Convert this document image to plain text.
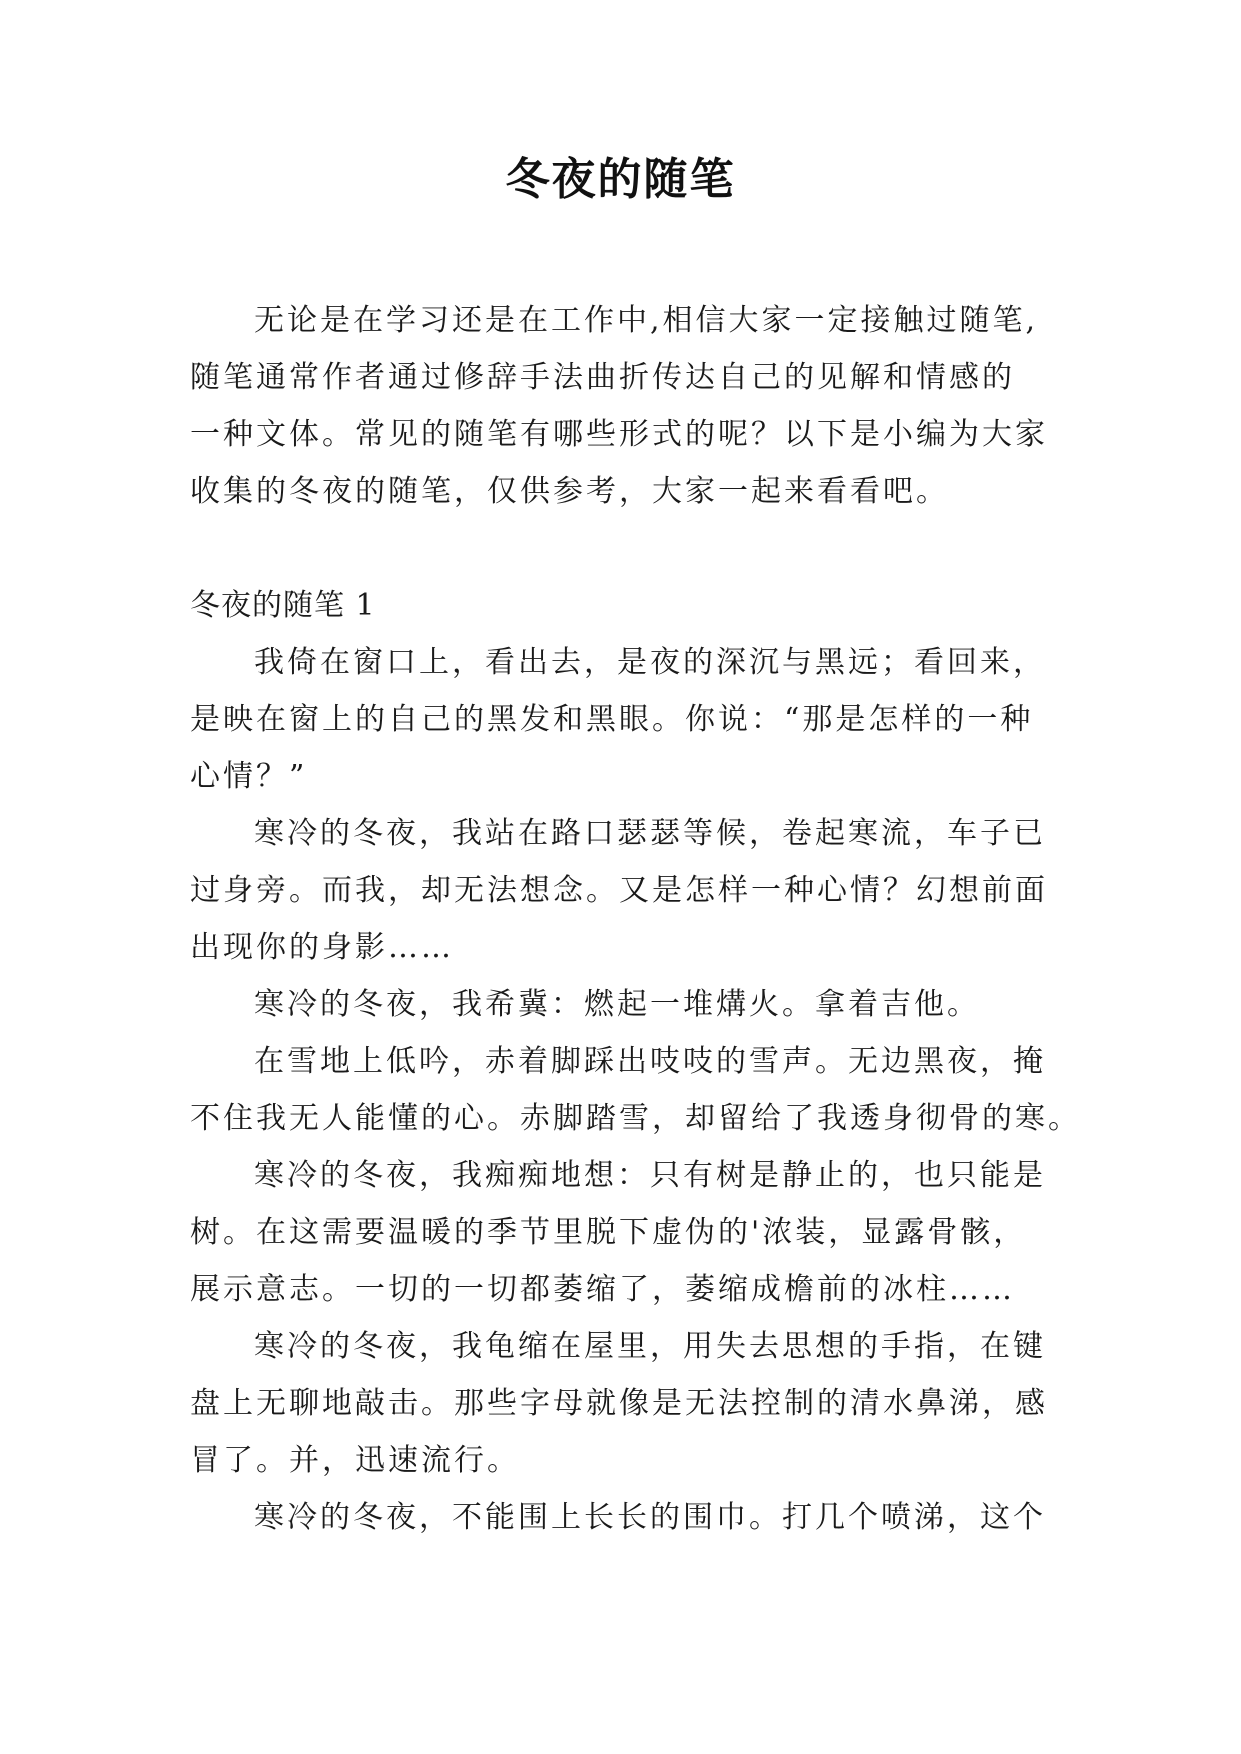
冬夜的随笔
无论是在学习还是在工作中,相信大家一定接触过随笔,
随笔通常作者通过修辞手法曲折传达自己的见解和情感的
一种文体。常见的随笔有哪些形式的呢？以下是小编为大家
收集的冬夜的随笔，仅供参考，大家一起来看看吧。
冬夜的随笔 1
我倚在窗口上，看出去，是夜的深沉与黑远；看回来，
是映在窗上的自己的黑发和黑眼。你说：“那是怎样的一种
心情？”
寒冷的冬夜，我站在路口瑟瑟等候，卷起寒流，车子已
过身旁。而我，却无法想念。又是怎样一种心情？幻想前面
出现你的身影……
寒冷的冬夜，我希冀：燃起一堆煹火。拿着吉他。
在雪地上低吟，赤着脚踩出吱吱的雪声。无边黑夜，掩
不住我无人能懂的心。赤脚踏雪，却留给了我透身彻骨的寒。
寒冷的冬夜，我痴痴地想：只有树是静止的，也只能是
树。在这需要温暖的季节里脱下虚伪的'浓装，显露骨骸，
展示意志。一切的一切都萎缩了，萎缩成檐前的冰柱……
寒冷的冬夜，我龟缩在屋里，用失去思想的手指，在键
盘上无聊地敲击。那些字母就像是无法控制的清水鼻涕，感
冒了。并，迅速流行。
寒冷的冬夜，不能围上长长的围巾。打几个喷涕，这个
